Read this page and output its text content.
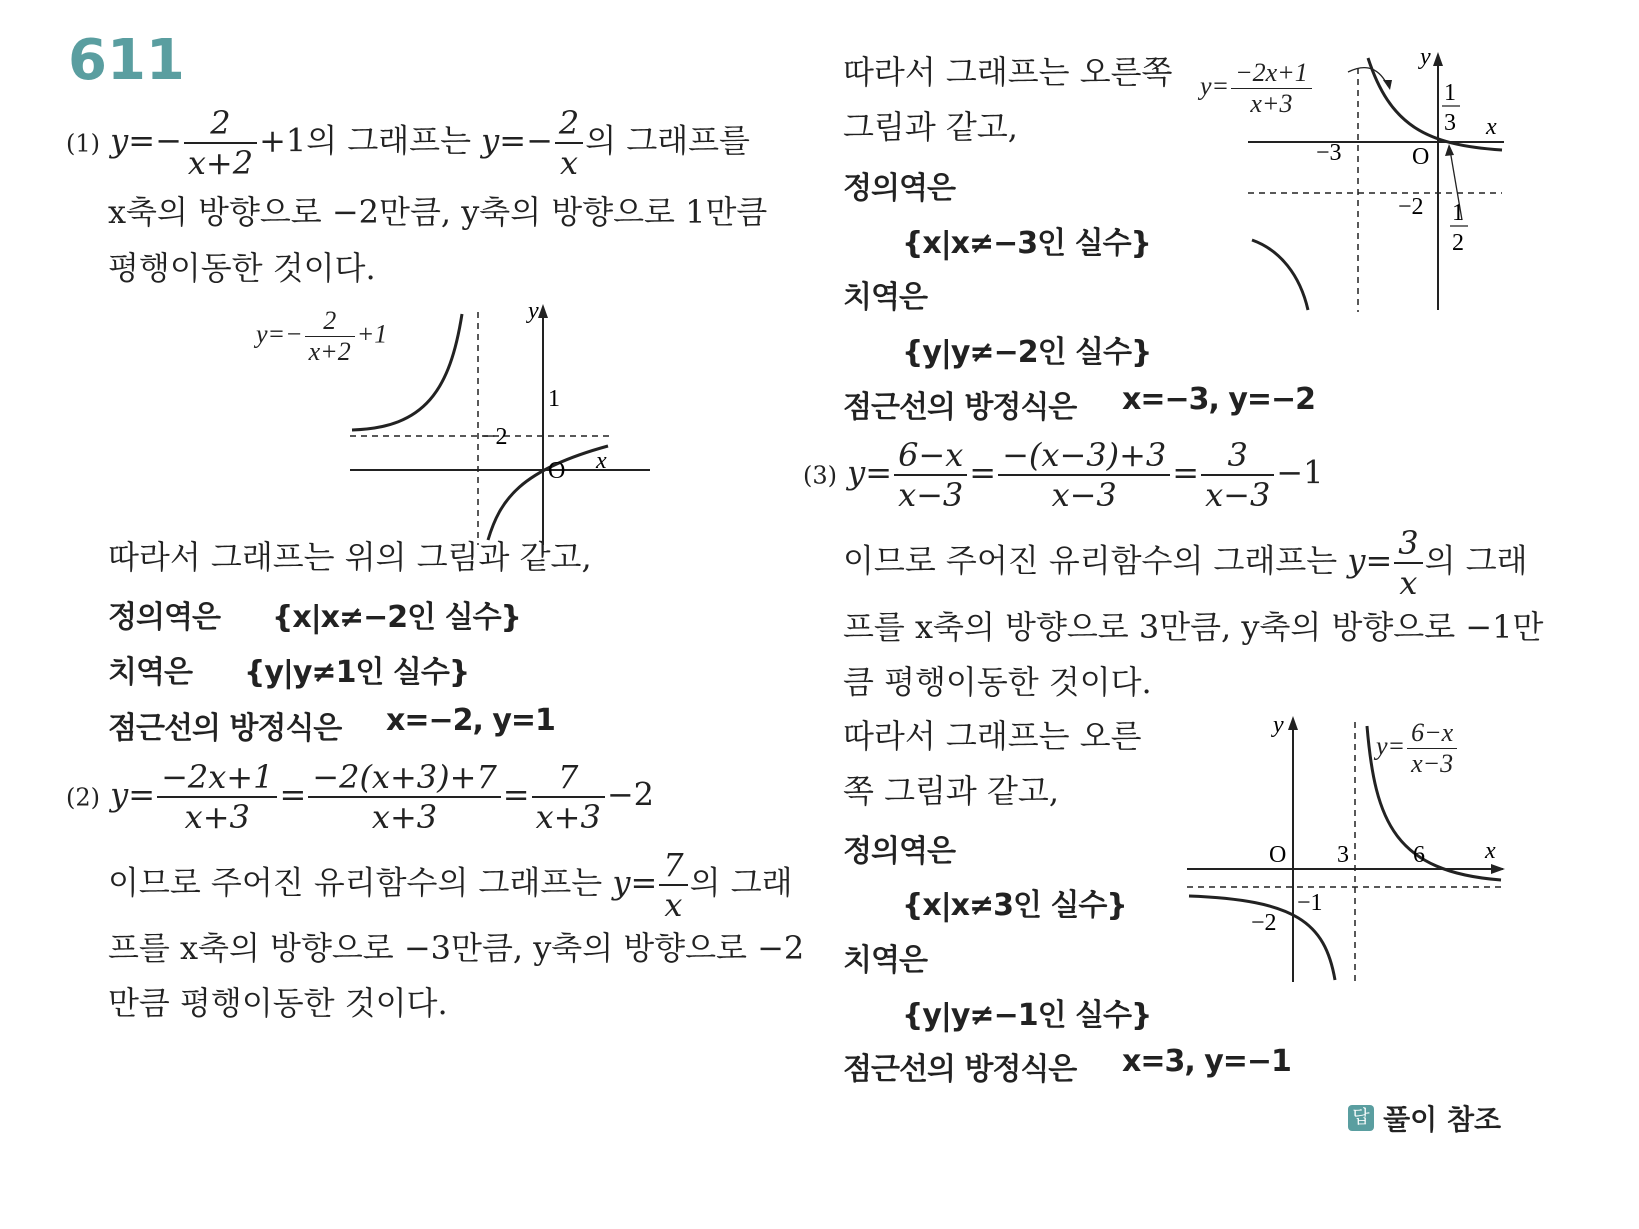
611
(1) $y=- \frac{2}{x+2} +1$의 그래프는 $y=- \frac{2}{x}$ 의 그래프를
x축의 방향으로 −2만큼, y축의 방향으로 1만큼
평행이동한 것이다.
y
x
O
1
−2
$y=- \frac{2}{x+2} +1$
따라서 그래프는 위의 그림과 같고,
정의역은 {x|x≠−2인 실수}
치역은 {y|y≠1인 실수}
점근선의 방정식은 x=−2, y=1
(2) $y= \frac{-2x+1}{x+3} = \frac{-2(x+3)+7}{x+3} = \frac{7}{x+3} -2$
이므로 주어진 유리함수의 그래프는 $y= \frac{7}{x}$ 의 그래
프를 x축의 방향으로 −3만큼, y축의 방향으로 −2
만큼 평행이동한 것이다.
따라서 그래프는 오른쪽
그림과 같고,
정의역은
{x|x≠−3인 실수}
치역은
{y|y≠−2인 실수}
점근선의 방정식은 x=−3, y=−2
y
x
O
−3
−2
1
3
1
2
$y= \frac{-2x+1}{x+3}$
(3) $y= \frac{6-x}{x-3} = \frac{-(x-3)+3}{x-3} = \frac{3}{x-3} -1$
이므로 주어진 유리함수의 그래프는 $y= \frac{3}{x}$ 의 그래
프를 x축의 방향으로 3만큼, y축의 방향으로 −1만
큼 평행이동한 것이다.
따라서 그래프는 오른
쪽 그림과 같고,
정의역은
{x|x≠3인 실수}
치역은
{y|y≠−1인 실수}
점근선의 방정식은 x=3, y=−1
y
x
O 3	6
−1
−2
$y= \frac{6-x}{x-3}$
답 풀이 참조
